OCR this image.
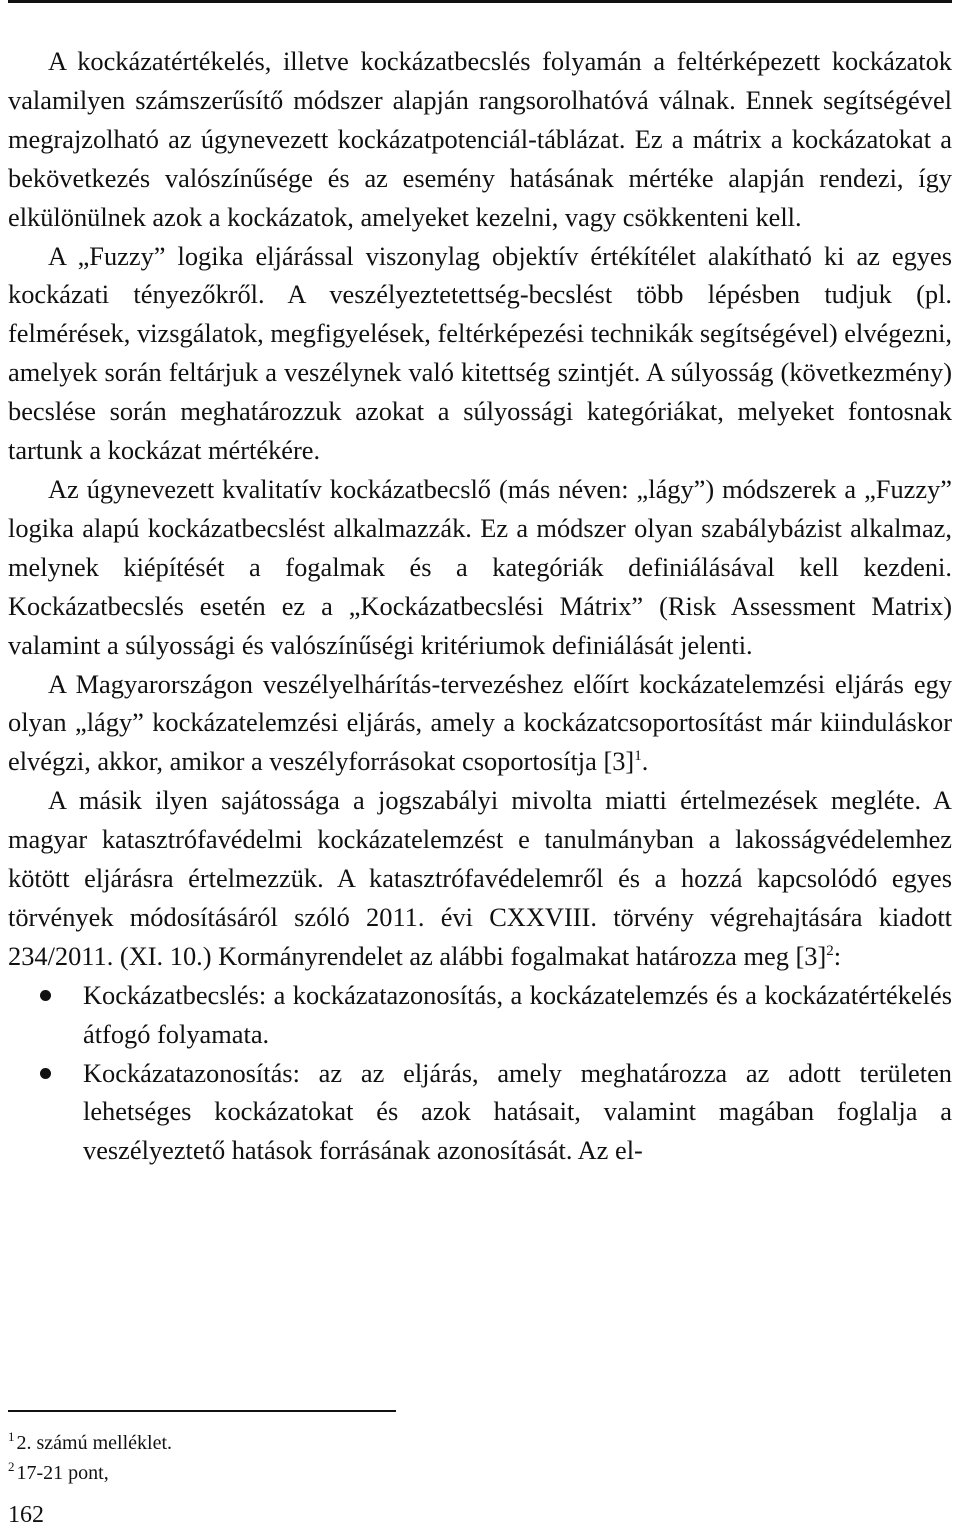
A kockázatértékelés, illetve kockázatbecslés folyamán a feltérképezett kockázatok valamilyen számszerűsítő módszer alapján rangsorolhatóvá válnak. Ennek segítségével megrajzolható az úgynevezett kockázatpotenciál-táblázat. Ez a mátrix a kockázatokat a bekövetkezés valószínűsége és az esemény hatásának mértéke alapján rendezi, így elkülönülnek azok a kockázatok, amelyeket kezelni, vagy csökkenteni kell.

A „Fuzzy” logika eljárással viszonylag objektív értékítélet alakítható ki az egyes kockázati tényezőkről. A veszélyeztetettség-becslést több lépésben tudjuk (pl. felmérések, vizsgálatok, megfigyelések, feltérképezési technikák segítségével) elvégezni, amelyek során feltárjuk a veszélynek való kitettség szintjét. A súlyosság (következmény) becslése során meghatározzuk azokat a súlyossági kategóriákat, melyeket fontosnak tartunk a kockázat mértékére.

Az úgynevezett kvalitatív kockázatbecslő (más néven: „lágy”) módszerek a „Fuzzy” logika alapú kockázatbecslést alkalmazzák. Ez a módszer olyan szabálybázist alkalmaz, melynek kiépítését a fogalmak és a kategóriák definiálásával kell kezdeni. Kockázatbecslés esetén ez a „Kockázatbecslési Mátrix” (Risk Assessment Matrix) valamint a súlyossági és valószínűségi kritériumok definiálását jelenti.

A Magyarországon veszélyelhárítás-tervezéshez előírt kockázatelemzési eljárás egy olyan „lágy” kockázatelemzési eljárás, amely a kockázatcsoportosítást már kiinduláskor elvégzi, akkor, amikor a veszélyforrásokat csoportosítja $[3]^1$.

A másik ilyen sajátossága a jogszabályi mivolta miatti értelmezések megléte. A magyar katasztrófavédelmi kockázatelemzést e tanulmányban a lakosságvédelemhez kötött eljárásra értelmezzük. A katasztrófavédelemről és a hozzá kapcsolódó egyes törvények módosításáról szóló 2011. évi CXXVIII. törvény végrehajtására kiadott 234/2011. (XI. 10.) Kormányrendelet az alábbi fogalmakat határozza meg $[3]^2$:

Kockázatbecslés: a kockázatazonosítás, a kockázatelemzés és a kockázatértékelés átfogó folyamata.
Kockázatazonosítás: az az eljárás, amely meghatározza az adott területen lehetséges kockázatokat és azok hatásait, valamint magában foglalja a veszélyeztető hatások forrásának azonosítását. Az el-
$^1$ 2. számú melléklet.
$^2$ 17-21 pont,
162
